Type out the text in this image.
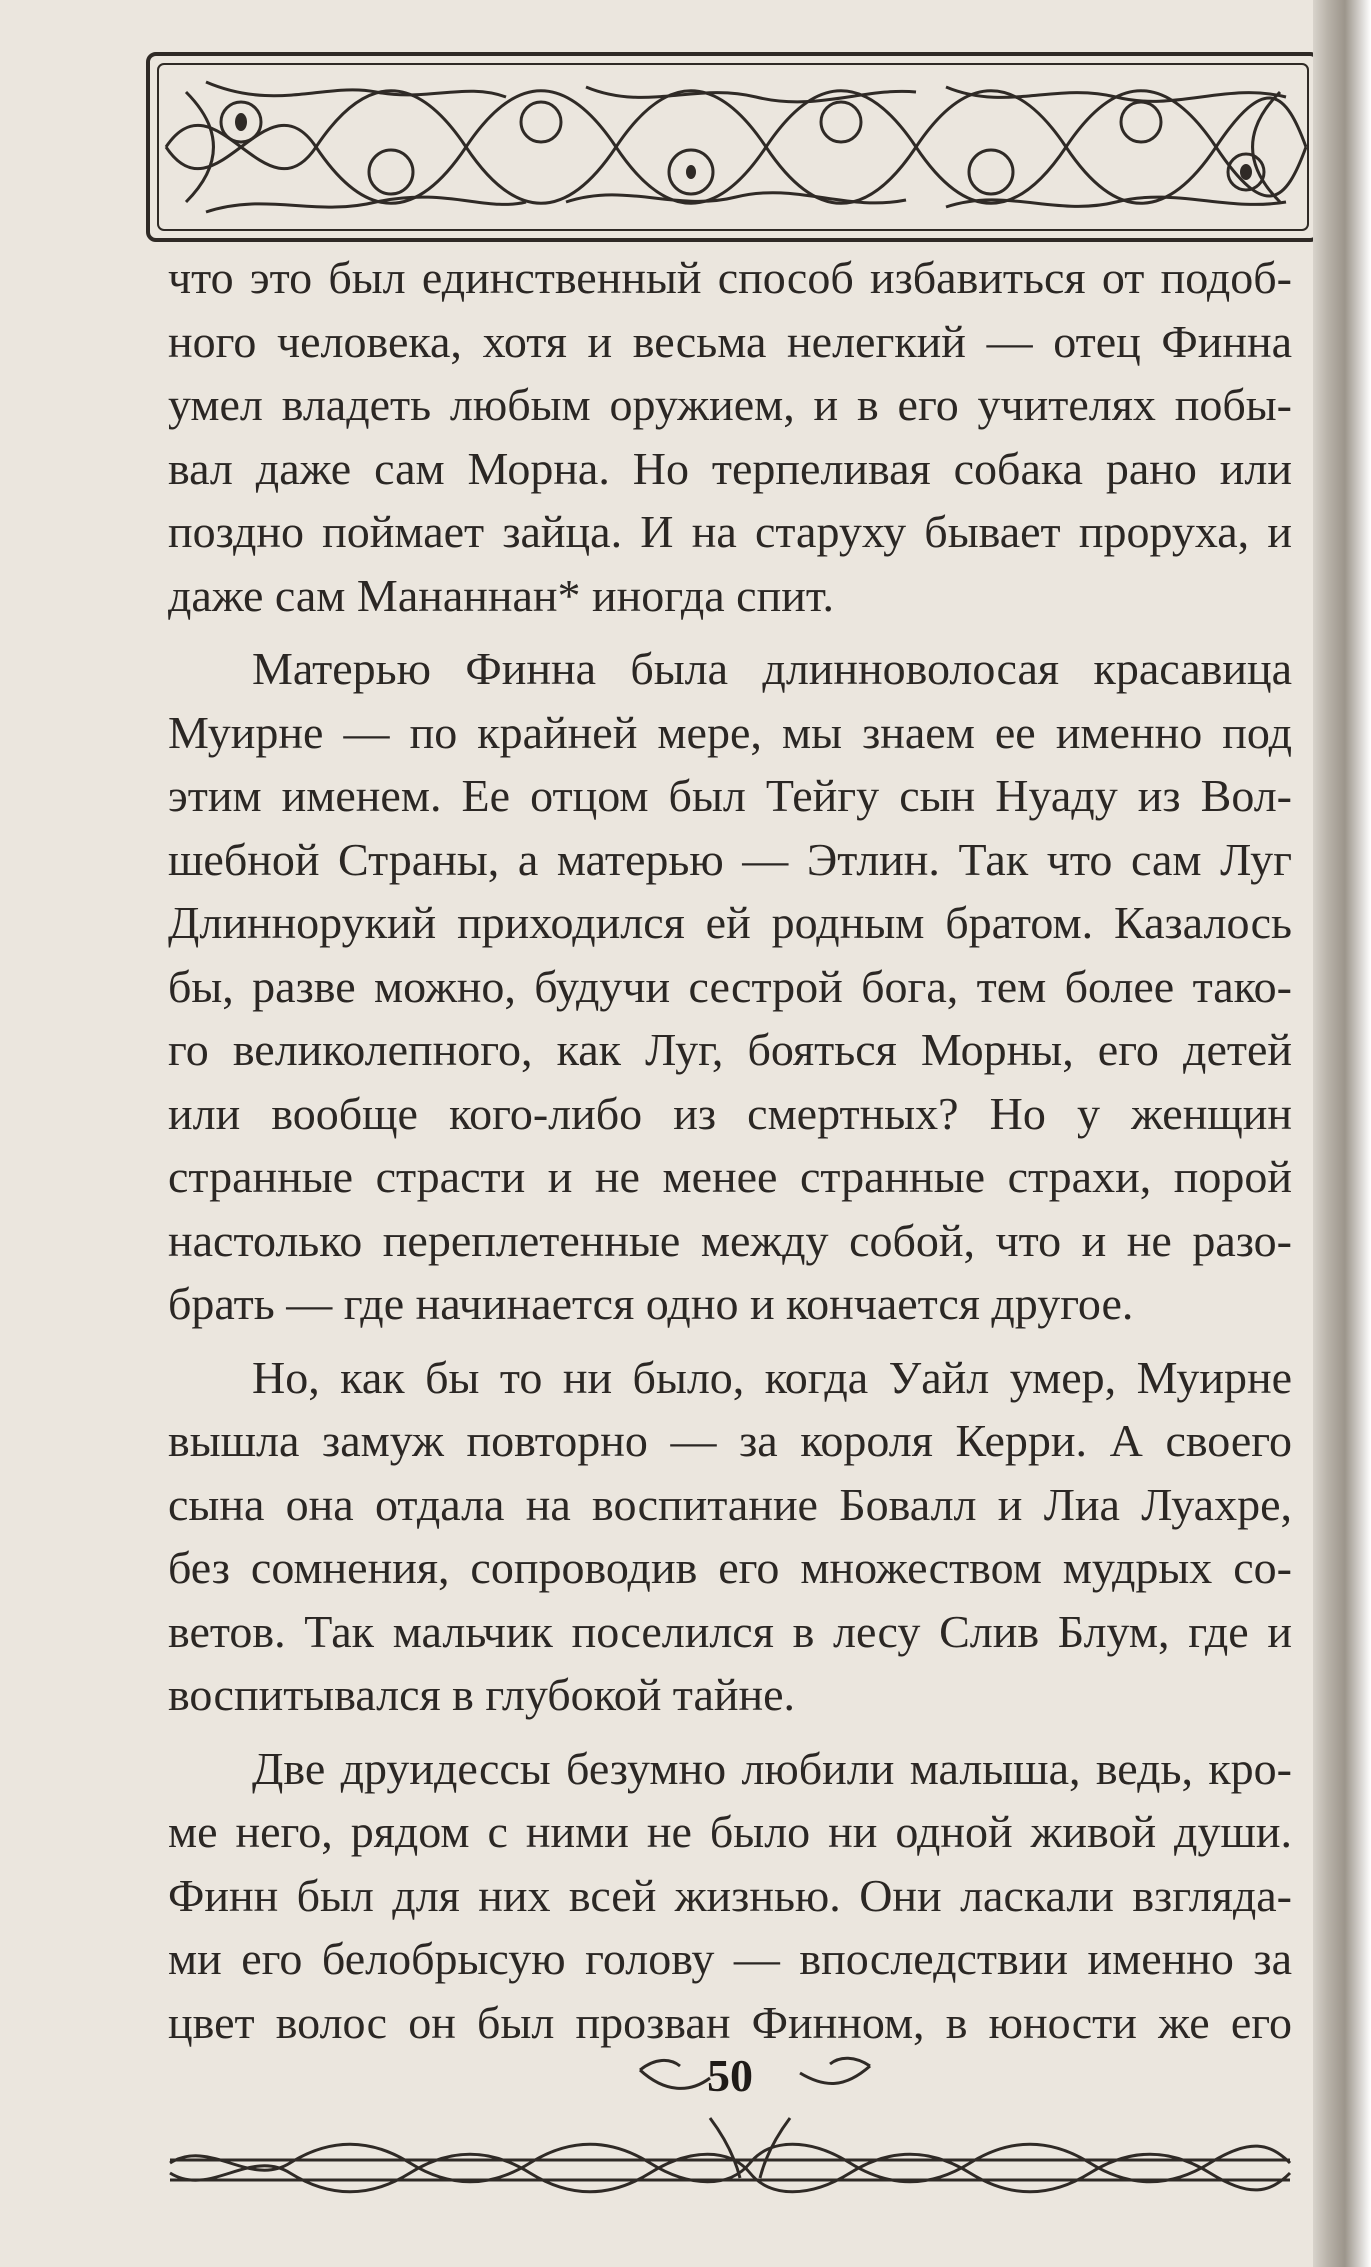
что это был единственный способ избавиться от подоб-
ного человека, хотя и весьма нелегкий — отец Финна
умел владеть любым оружием, и в его учителях побы-
вал даже сам Морна. Но терпеливая собака рано или
поздно поймает зайца. И на старуху бывает проруха, и
даже сам Мананнан* иногда спит.
Матерью Финна была длинноволосая красавица
Муирне — по крайней мере, мы знаем ее именно под
этим именем. Ее отцом был Тейгу сын Нуаду из Вол-
шебной Страны, а матерью — Этлин. Так что сам Луг
Длиннорукий приходился ей родным братом. Казалось
бы, разве можно, будучи сестрой бога, тем более тако-
го великолепного, как Луг, бояться Морны, его детей
или вообще кого-либо из смертных? Но у женщин
странные страсти и не менее странные страхи, порой
настолько переплетенные между собой, что и не разо-
брать — где начинается одно и кончается другое.
Но, как бы то ни было, когда Уайл умер, Муирне
вышла замуж повторно — за короля Керри. А своего
сына она отдала на воспитание Бовалл и Лиа Луахре,
без сомнения, сопроводив его множеством мудрых со-
ветов. Так мальчик поселился в лесу Слив Блум, где и
воспитывался в глубокой тайне.
Две друидессы безумно любили малыша, ведь, кро-
ме него, рядом с ними не было ни одной живой души.
Финн был для них всей жизнью. Они ласкали взгляда-
ми его белобрысую голову — впоследствии именно за
цвет волос он был прозван Финном, в юности же его
50
